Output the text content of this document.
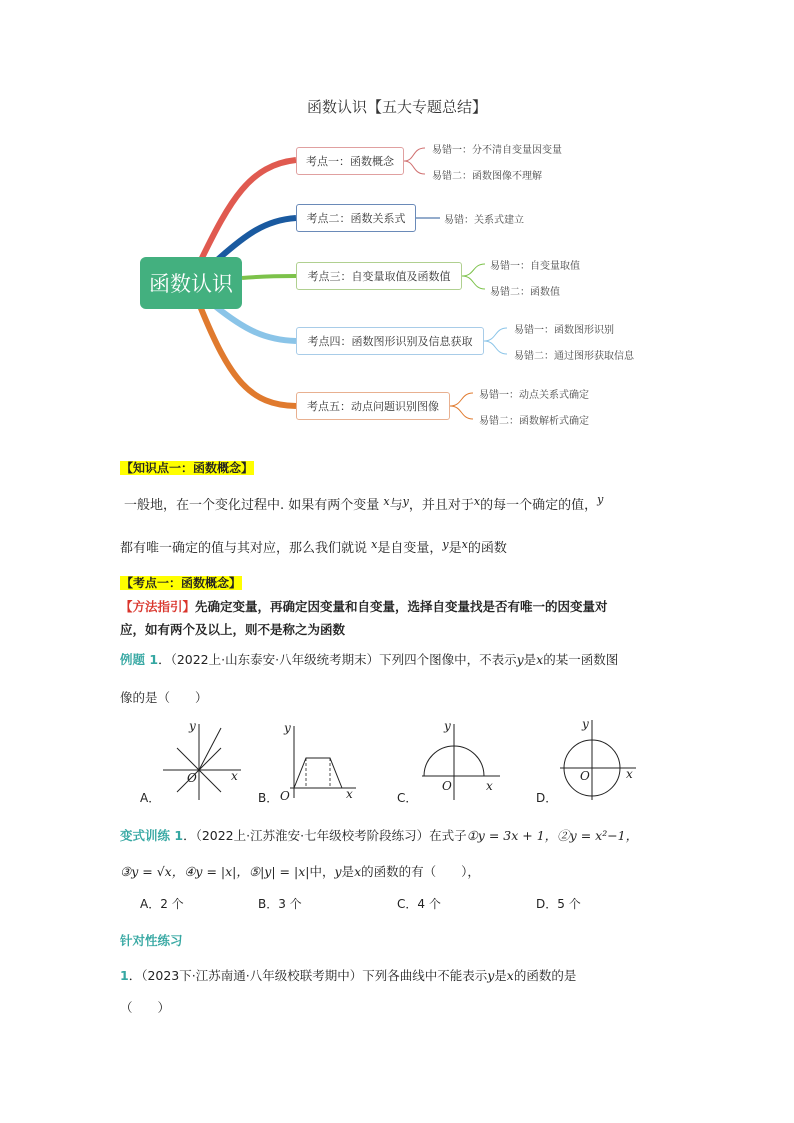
函数认识【五大专题总结】
函数认识
考点一：函数概念
考点二：函数关系式
考点三：自变量取值及函数值
考点四：函数图形识别及信息获取
考点五：动点问题识别图像
易错一：分不清自变量因变量
易错二：函数图像不理解
易错：关系式建立
易错一：自变量取值
易错二：函数值
易错一：函数图形识别
易错二：通过图形获取信息
易错一：动点关系式确定
易错二：函数解析式确定
【知识点一：函数概念】
一般地，在一个变化过程中. 如果有两个变量 $^x$与$^y$，并且对于$^x$的每一个确定的值，$^y$
都有唯一确定的值与其对应，那么我们就说 $^x$是自变量，$^y$是$^x$的函数
【考点一：函数概念】
【方法指引】先确定变量，再确定因变量和自变量，选择自变量找是否有唯一的因变量对
应，如有两个及以上，则不是称之为函数
例题 1．（2022上·山东泰安·八年级统考期末）下列四个图像中，不表示y是x的某一函数图
像的是（　　）
y
x
O
A．
y
x
O
B．
y
x
O
C．
y
x
O
D．
变式训练 1．（2022上·江苏淮安·七年级校考阶段练习）在式子①y = 3x + 1，②y = x²−1，
③y = √x，④y = |x|，⑤|y| = |x|中，y是x的函数的有（　　），
A．2 个	B．3 个	C．4 个	D．5 个
针对性练习
1．（2023下·江苏南通·八年级校联考期中）下列各曲线中不能表示y是x的函数的是
（　　）
